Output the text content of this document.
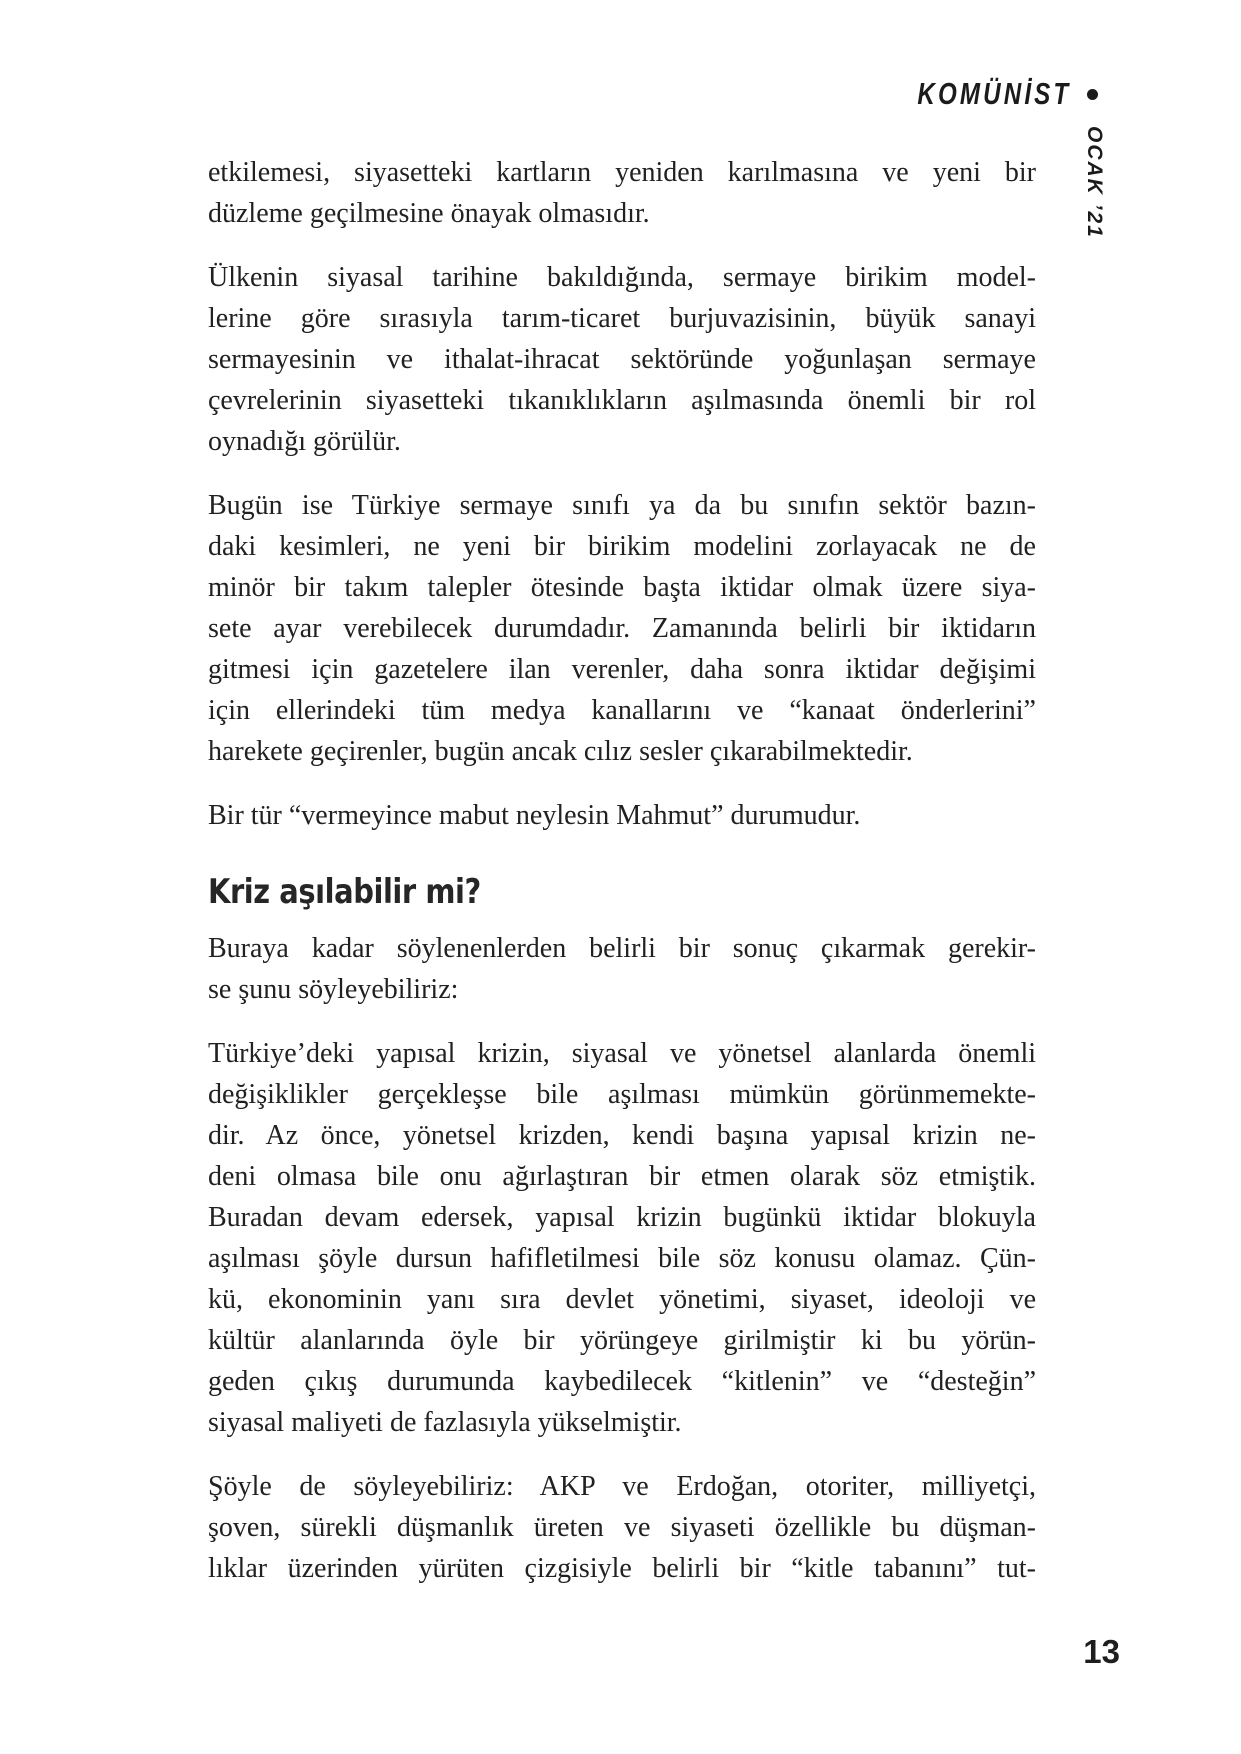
KOMÜNİST
OCAK ’21
etkilemesi, siyasetteki kartların yeniden karılmasına ve yeni bir
düzleme geçilmesine önayak olmasıdır.
Ülkenin siyasal tarihine bakıldığında, sermaye birikim model-
lerine göre sırasıyla tarım-ticaret burjuvazisinin, büyük sanayi
sermayesinin ve ithalat-ihracat sektöründe yoğunlaşan sermaye
çevrelerinin siyasetteki tıkanıklıkların aşılmasında önemli bir rol
oynadığı görülür.
Bugün ise Türkiye sermaye sınıfı ya da bu sınıfın sektör bazın-
daki kesimleri, ne yeni bir birikim modelini zorlayacak ne de
minör bir takım talepler ötesinde başta iktidar olmak üzere siya-
sete ayar verebilecek durumdadır. Zamanında belirli bir iktidarın
gitmesi için gazetelere ilan verenler, daha sonra iktidar değişimi
için ellerindeki tüm medya kanallarını ve “kanaat önderlerini”
harekete geçirenler, bugün ancak cılız sesler çıkarabilmektedir.
Bir tür “vermeyince mabut neylesin Mahmut” durumudur.
Kriz aşılabilir mi?
Buraya kadar söylenenlerden belirli bir sonuç çıkarmak gerekir-
se şunu söyleyebiliriz:
Türkiye’deki yapısal krizin, siyasal ve yönetsel alanlarda önemli
değişiklikler gerçekleşse bile aşılması mümkün görünmemekte-
dir. Az önce, yönetsel krizden, kendi başına yapısal krizin ne-
deni olmasa bile onu ağırlaştıran bir etmen olarak söz etmiştik.
Buradan devam edersek, yapısal krizin bugünkü iktidar blokuyla
aşılması şöyle dursun hafifletilmesi bile söz konusu olamaz. Çün-
kü, ekonominin yanı sıra devlet yönetimi, siyaset, ideoloji ve
kültür alanlarında öyle bir yörüngeye girilmiştir ki bu yörün-
geden çıkış durumunda kaybedilecek “kitlenin” ve “desteğin”
siyasal maliyeti de fazlasıyla yükselmiştir.
Şöyle de söyleyebiliriz: AKP ve Erdoğan, otoriter, milliyetçi,
şoven, sürekli düşmanlık üreten ve siyaseti özellikle bu düşman-
lıklar üzerinden yürüten çizgisiyle belirli bir “kitle tabanını” tut-
13
